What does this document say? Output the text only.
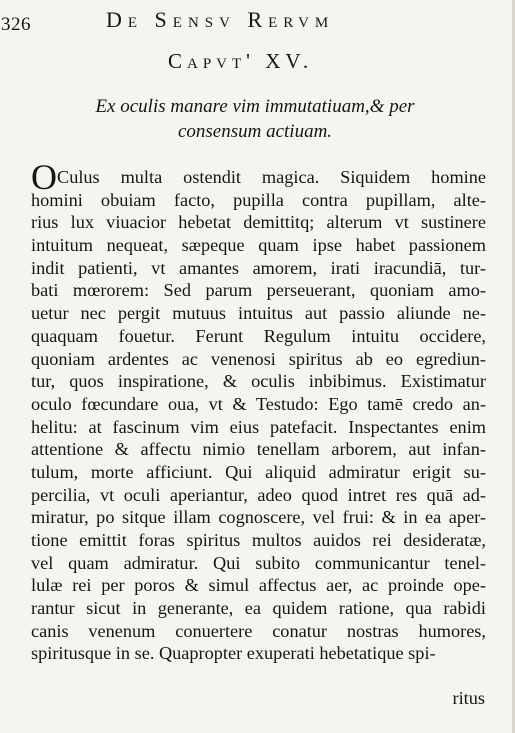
326	De Sensv Rervm
Capvt' XV.
Ex oculis manare vim immutatiuam,& per
consensum actiuam.
OCulus multa ostendit magica. Siquidem homine
homini obuiam facto, pupilla contra pupillam, alte-
rius lux viuacior hebetat demittitq; alterum vt sustinere
intuitum nequeat, sæpeque quam ipse habet passionem
indit patienti, vt amantes amorem, irati iracundiā, tur-
bati mœrorem: Sed parum perseuerant, quoniam amo-
uetur nec pergit mutuus intuitus aut passio aliunde ne-
quaquam fouetur. Ferunt Regulum intuitu occidere,
quoniam ardentes ac venenosi spiritus ab eo egrediun-
tur, quos inspiratione, & oculis inbibimus. Existimatur
oculo fœcundare oua, vt & Testudo: Ego tamē credo an-
helitu: at fascinum vim eius patefacit. Inspectantes enim
attentione & affectu nimio tenellam arborem, aut infan-
tulum, morte afficiunt. Qui aliquid admiratur erigit su-
percilia, vt oculi aperiantur, adeo quod intret res quā ad-
miratur, po sitque illam cognoscere, vel frui: & in ea aper-
tione emittit foras spiritus multos auidos rei desideratæ,
vel quam admiratur. Qui subito communicantur tenel-
lulæ rei per poros & simul affectus aer, ac proinde ope-
rantur sicut in generante, ea quidem ratione, qua rabidi
canis venenum conuertere conatur nostras humores,
spiritusque in se. Quapropter exuperati hebetatique spi-
ritus
